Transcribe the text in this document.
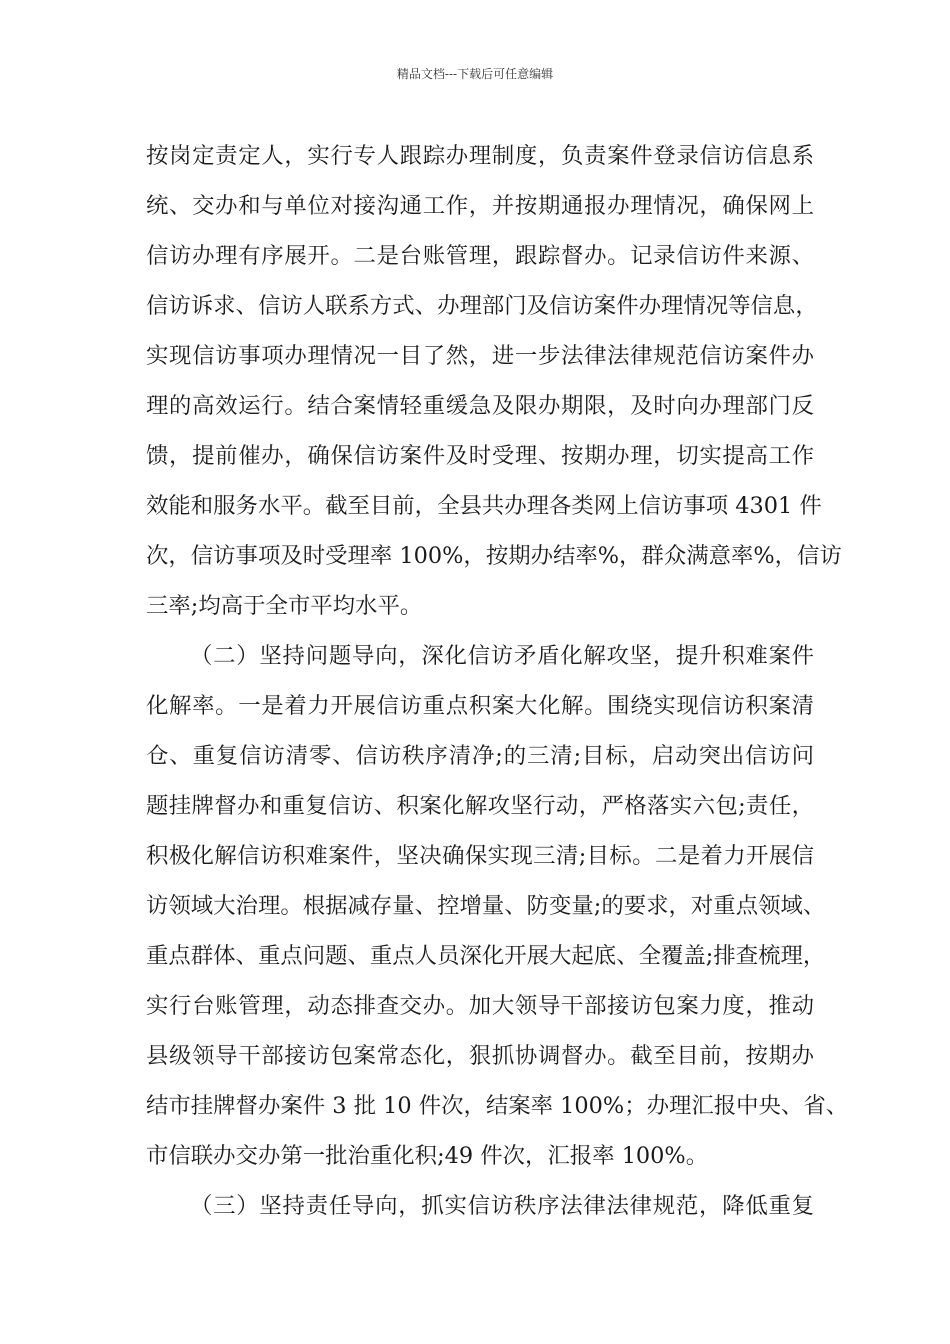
精品文档---下载后可任意编辑
按岗定责定人，实行专人跟踪办理制度，负责案件登录信访信息系
统、交办和与单位对接沟通工作，并按期通报办理情况，确保网上
信访办理有序展开。二是台账管理，跟踪督办。记录信访件来源、
信访诉求、信访人联系方式、办理部门及信访案件办理情况等信息，
实现信访事项办理情况一目了然，进一步法律法律规范信访案件办
理的高效运行。结合案情轻重缓急及限办期限，及时向办理部门反
馈，提前催办，确保信访案件及时受理、按期办理，切实提高工作
效能和服务水平。截至目前，全县共办理各类网上信访事项 4301 件
次，信访事项及时受理率 100%，按期办结率%，群众满意率%，信访
三率;均高于全市平均水平。
（二）坚持问题导向，深化信访矛盾化解攻坚，提升积难案件
化解率。一是着力开展信访重点积案大化解。围绕实现信访积案清
仓、重复信访清零、信访秩序清净;的三清;目标，启动突出信访问
题挂牌督办和重复信访、积案化解攻坚行动，严格落实六包;责任，
积极化解信访积难案件，坚决确保实现三清;目标。二是着力开展信
访领域大治理。根据减存量、控增量、防变量;的要求，对重点领域、
重点群体、重点问题、重点人员深化开展大起底、全覆盖;排查梳理，
实行台账管理，动态排查交办。加大领导干部接访包案力度，推动
县级领导干部接访包案常态化，狠抓协调督办。截至目前，按期办
结市挂牌督办案件 3 批 10 件次，结案率 100%；办理汇报中央、省、
市信联办交办第一批治重化积;49 件次，汇报率 100%。
（三）坚持责任导向，抓实信访秩序法律法律规范，降低重复
